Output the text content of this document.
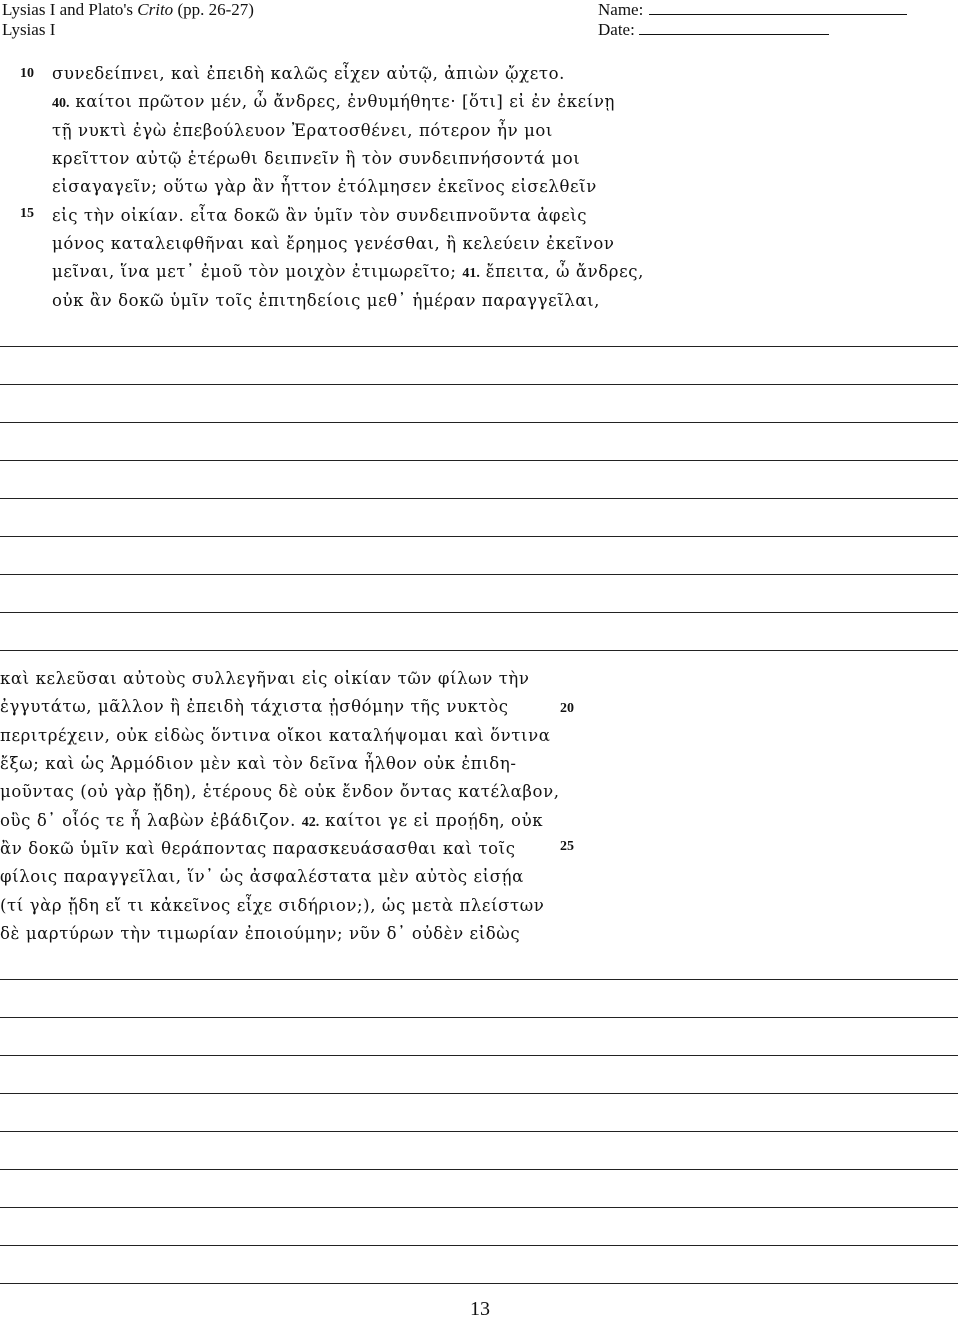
Lysias I and Plato's Crito (pp. 26-27)
Lysias I
Name:
Date:
10
15
συνεδείπνει, καὶ ἐπειδὴ καλῶς εἶχεν αὐτῷ, ἀπιὼν ᾤχετο.
40. καίτοι πρῶτον μέν, ὦ ἄνδρες, ἐνθυμήθητε· [ὅτι] εἰ ἐν ἐκείνῃ
τῇ νυκτὶ ἐγὼ ἐπεβούλευον Ἐρατοσθένει, πότερον ἦν μοι
κρεῖττον αὐτῷ ἑτέρωθι δειπνεῖν ἢ τὸν συνδειπνήσοντά μοι
εἰσαγαγεῖν; οὕτω γὰρ ἂν ἧττον ἐτόλμησεν ἐκεῖνος εἰσελθεῖν
εἰς τὴν οἰκίαν. εἶτα δοκῶ ἂν ὑμῖν τὸν συνδειπνοῦντα ἀφεὶς
μόνος καταλειφθῆναι καὶ ἔρημος γενέσθαι, ἢ κελεύειν ἐκεῖνον
μεῖναι, ἵνα μετ᾽ ἐμοῦ τὸν μοιχὸν ἐτιμωρεῖτο; 41. ἔπειτα, ὦ ἄνδρες,
οὐκ ἂν δοκῶ ὑμῖν τοῖς ἐπιτηδείοις μεθ᾽ ἡμέραν παραγγεῖλαι,
καὶ κελεῦσαι αὐτοὺς συλλεγῆναι εἰς οἰκίαν τῶν φίλων τὴν
ἐγγυτάτω, μᾶλλον ἢ ἐπειδὴ τάχιστα ᾐσθόμην τῆς νυκτὸς
περιτρέχειν, οὐκ εἰδὼς ὅντινα οἴκοι καταλήψομαι καὶ ὅντινα
ἔξω; καὶ ὡς Ἁρμόδιον μὲν καὶ τὸν δεῖνα ἦλθον οὐκ ἐπιδη-
μοῦντας (οὐ γὰρ ᾔδη), ἑτέρους δὲ οὐκ ἔνδον ὄντας κατέλαβον,
οὓς δ᾽ οἷός τε ἦ λαβὼν ἐβάδιζον. 42. καίτοι γε εἰ προῄδη, οὐκ
ἂν δοκῶ ὑμῖν καὶ θεράποντας παρασκευάσασθαι καὶ τοῖς
φίλοις παραγγεῖλαι, ἵν᾽ ὡς ἀσφαλέστατα μὲν αὐτὸς εἰσῄα
(τί γὰρ ᾔδη εἴ τι κἀκεῖνος εἶχε σιδήριον;), ὡς μετὰ πλείστων
δὲ μαρτύρων τὴν τιμωρίαν ἐποιούμην; νῦν δ᾽ οὐδὲν εἰδὼς
20
25
13
